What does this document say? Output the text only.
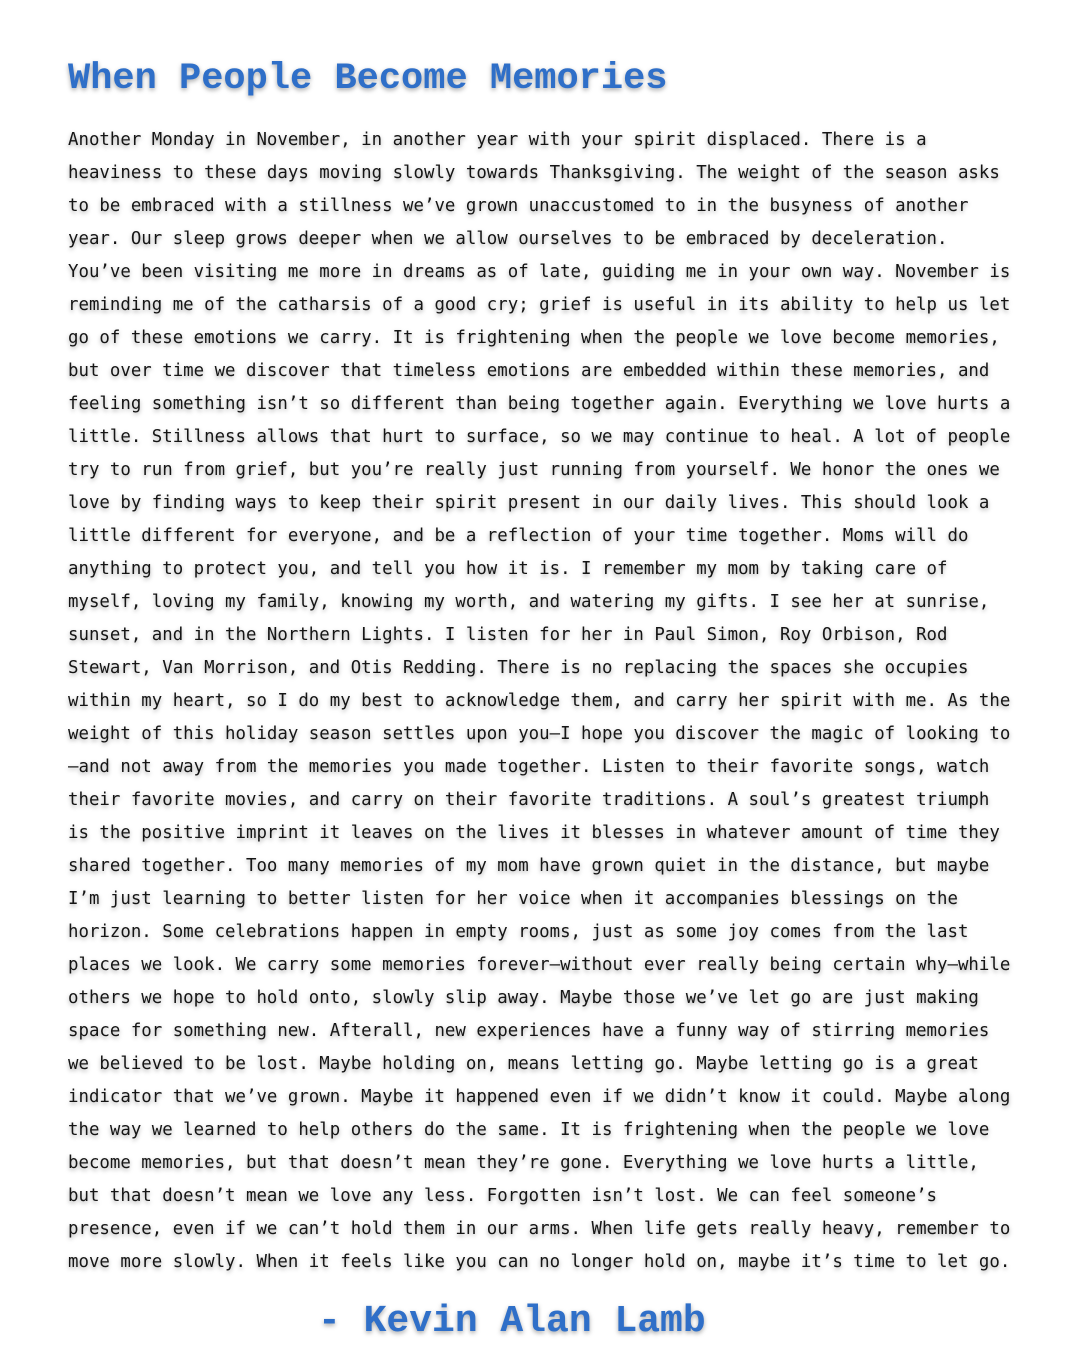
When People Become Memories
Another Monday in November, in another year with your spirit displaced. There is a
heaviness to these days moving slowly towards Thanksgiving. The weight of the season asks
to be embraced with a stillness we’ve grown unaccustomed to in the busyness of another
year. Our sleep grows deeper when we allow ourselves to be embraced by deceleration.
You’ve been visiting me more in dreams as of late, guiding me in your own way. November is
reminding me of the catharsis of a good cry; grief is useful in its ability to help us let
go of these emotions we carry. It is frightening when the people we love become memories,
but over time we discover that timeless emotions are embedded within these memories, and
feeling something isn’t so different than being together again. Everything we love hurts a
little. Stillness allows that hurt to surface, so we may continue to heal. A lot of people
try to run from grief, but you’re really just running from yourself. We honor the ones we
love by finding ways to keep their spirit present in our daily lives. This should look a
little different for everyone, and be a reflection of your time together. Moms will do
anything to protect you, and tell you how it is. I remember my mom by taking care of
myself, loving my family, knowing my worth, and watering my gifts. I see her at sunrise,
sunset, and in the Northern Lights. I listen for her in Paul Simon, Roy Orbison, Rod
Stewart, Van Morrison, and Otis Redding. There is no replacing the spaces she occupies
within my heart, so I do my best to acknowledge them, and carry her spirit with me. As the
weight of this holiday season settles upon you—I hope you discover the magic of looking to
—and not away from the memories you made together. Listen to their favorite songs, watch
their favorite movies, and carry on their favorite traditions. A soul’s greatest triumph
is the positive imprint it leaves on the lives it blesses in whatever amount of time they
shared together. Too many memories of my mom have grown quiet in the distance, but maybe
I’m just learning to better listen for her voice when it accompanies blessings on the
horizon. Some celebrations happen in empty rooms, just as some joy comes from the last
places we look. We carry some memories forever—without ever really being certain why—while
others we hope to hold onto, slowly slip away. Maybe those we’ve let go are just making
space for something new. Afterall, new experiences have a funny way of stirring memories
we believed to be lost. Maybe holding on, means letting go. Maybe letting go is a great
indicator that we’ve grown. Maybe it happened even if we didn’t know it could. Maybe along
the way we learned to help others do the same. It is frightening when the people we love
become memories, but that doesn’t mean they’re gone. Everything we love hurts a little,
but that doesn’t mean we love any less. Forgotten isn’t lost. We can feel someone’s
presence, even if we can’t hold them in our arms. When life gets really heavy, remember to
move more slowly. When it feels like you can no longer hold on, maybe it’s time to let go.
- Kevin Alan Lamb
